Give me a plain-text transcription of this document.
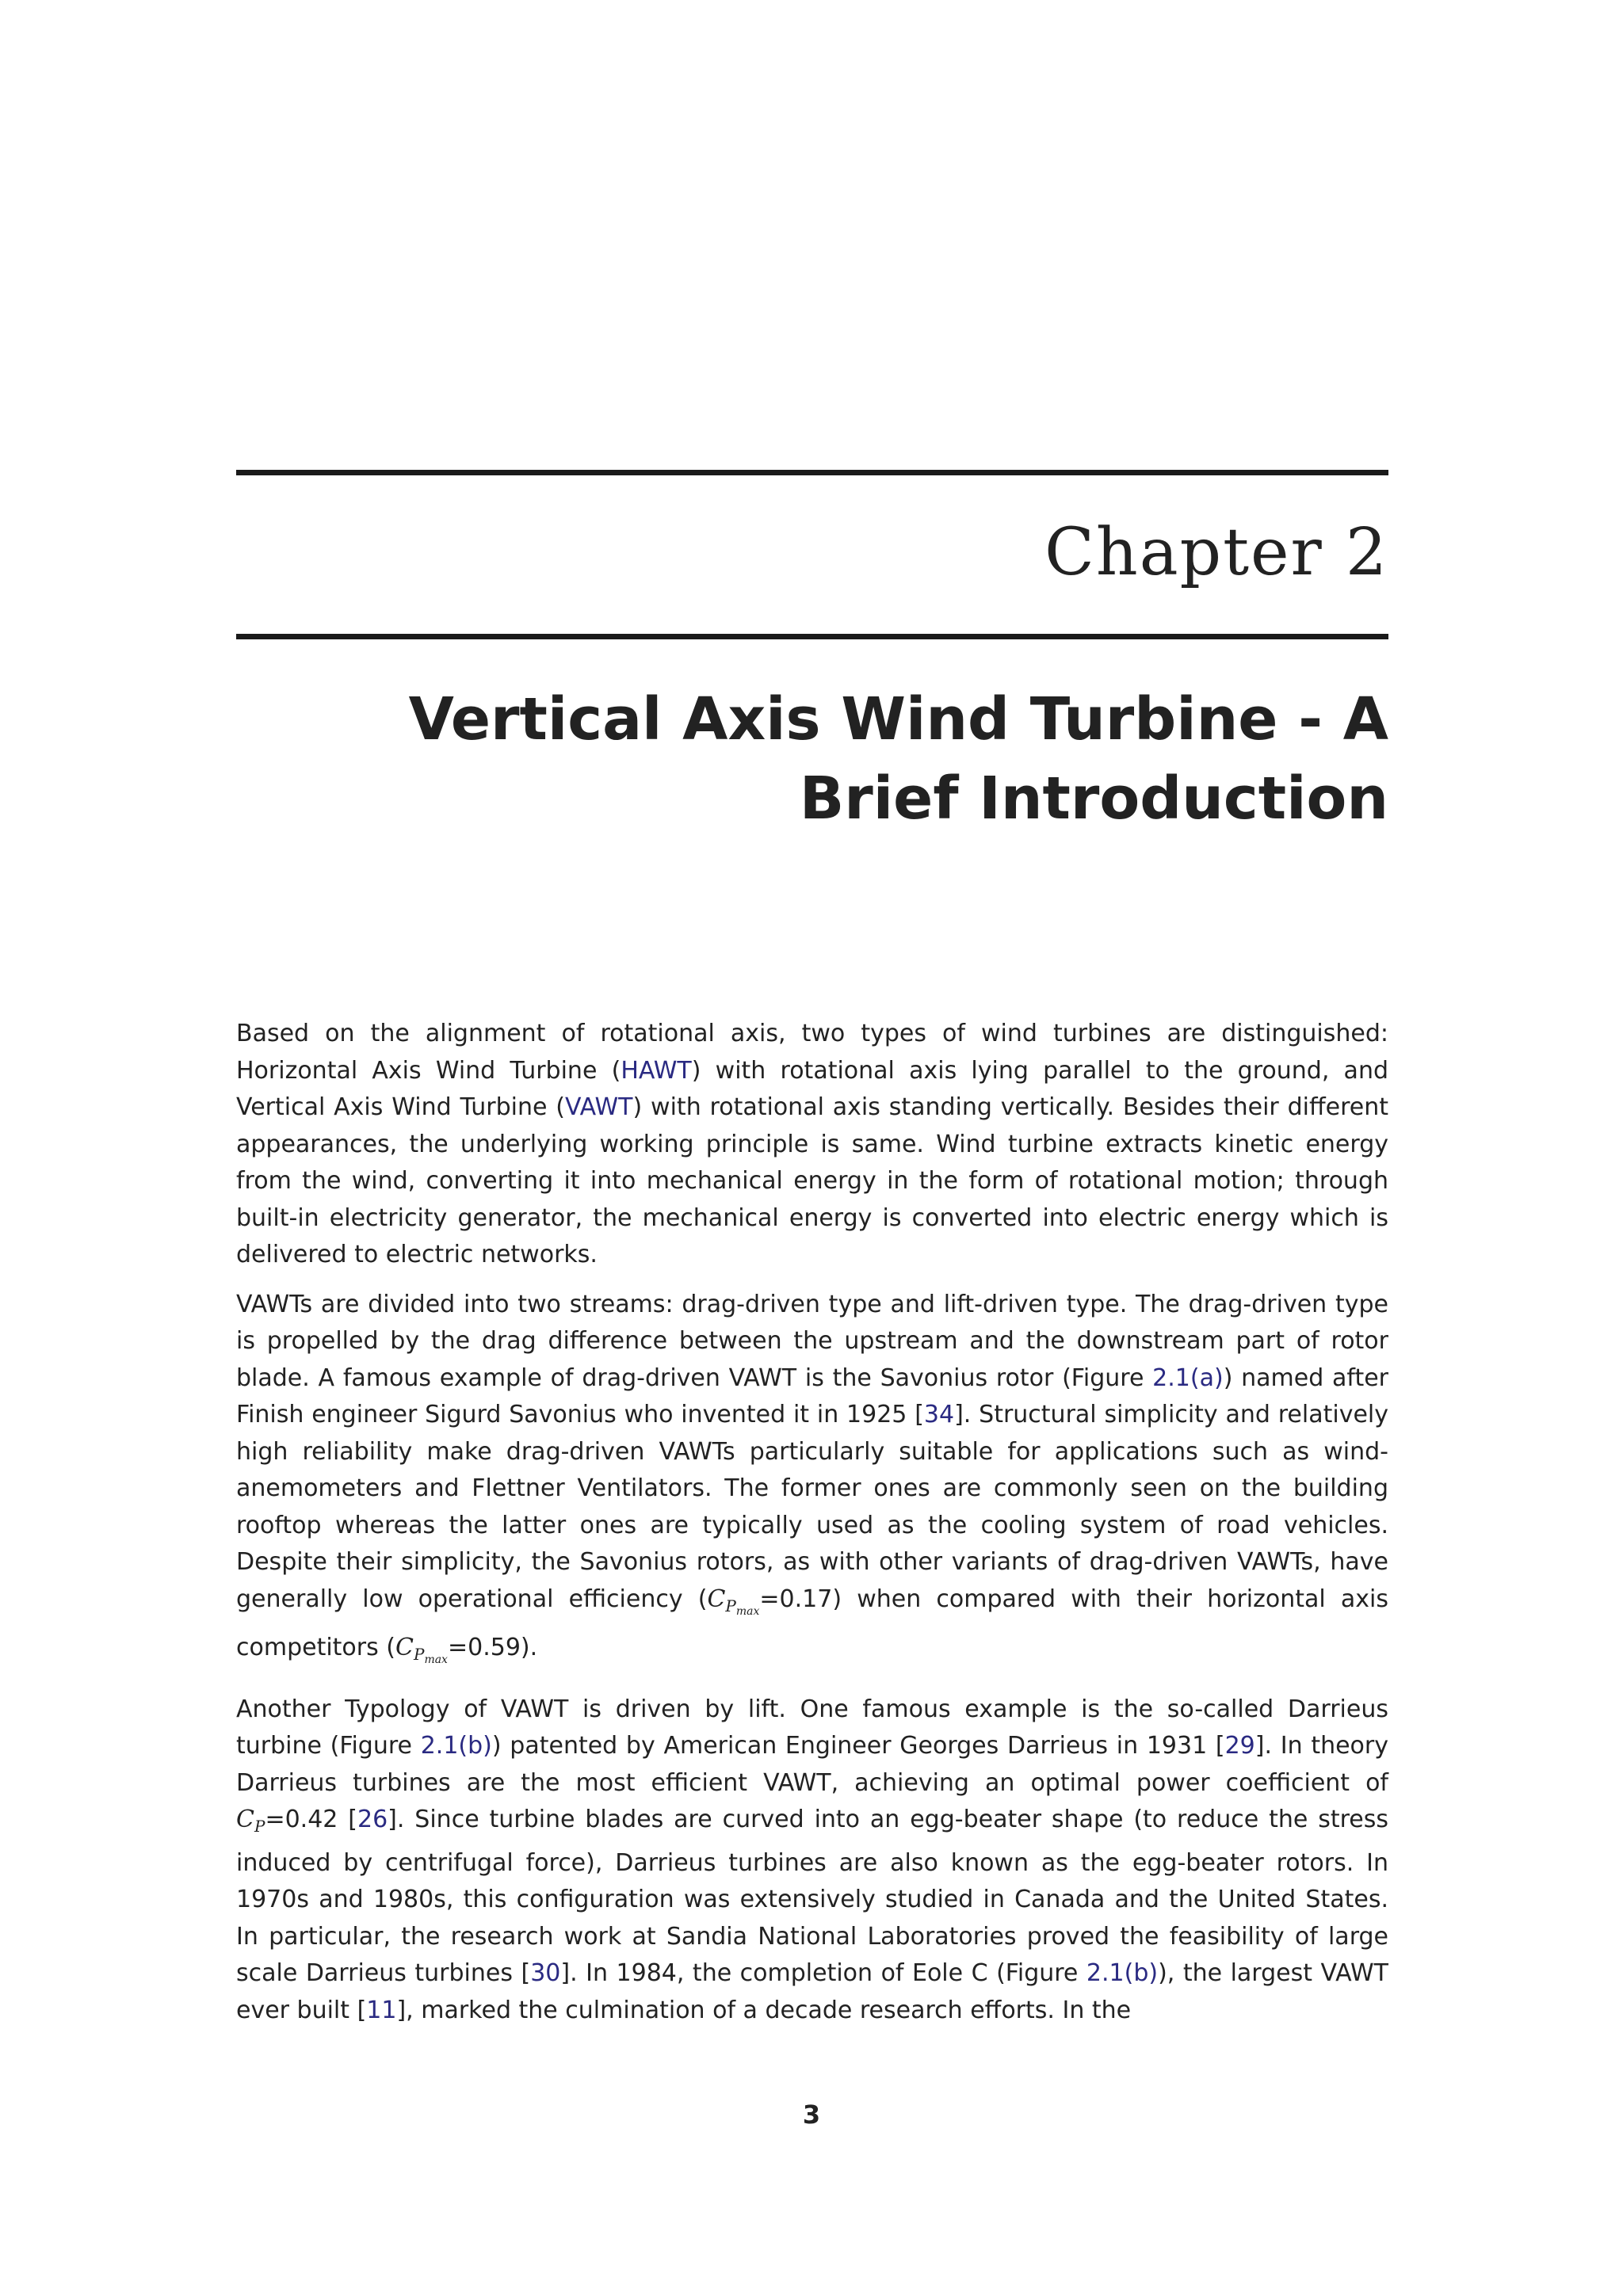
Chapter 2
Vertical Axis Wind Turbine - A Brief Introduction

Based on the alignment of rotational axis, two types of wind turbines are distinguished: Horizontal Axis Wind Turbine (HAWT) with rotational axis lying parallel to the ground, and Vertical Axis Wind Turbine (VAWT) with rotational axis standing vertically. Besides their different appearances, the underlying working principle is same. Wind turbine extracts kinetic energy from the wind, converting it into mechanical energy in the form of rotational motion; through built-in electricity generator, the mechanical energy is converted into electric energy which is delivered to electric networks.

VAWTs are divided into two streams: drag-driven type and lift-driven type. The drag-driven type is propelled by the drag difference between the upstream and the downstream part of rotor blade. A famous example of drag-driven VAWT is the Savonius rotor (Figure 2.1(a)) named after Finish engineer Sigurd Savonius who invented it in 1925 [34]. Structural simplicity and relatively high reliability make drag-driven VAWTs particularly suitable for applications such as wind-anemometers and Flettner Ventilators. The former ones are commonly seen on the building rooftop whereas the latter ones are typically used as the cooling system of road vehicles. Despite their simplicity, the Savonius rotors, as with other variants of drag-driven VAWTs, have generally low operational efficiency $(C_{P_{max}}=0.17)$ when compared with their horizontal axis competitors $(C_{P_{max}}=0.59)$.

Another Typology of VAWT is driven by lift. One famous example is the so-called Darrieus turbine (Figure 2.1(b)) patented by American Engineer Georges Darrieus in 1931 [29]. In theory Darrieus turbines are the most efficient VAWT, achieving an optimal power coefficient of $C_P=0.42$ [26]. Since turbine blades are curved into an egg-beater shape (to reduce the stress induced by centrifugal force), Darrieus turbines are also known as the egg-beater rotors. In 1970s and 1980s, this configuration was extensively studied in Canada and the United States. In particular, the research work at Sandia National Laboratories proved the feasibility of large scale Darrieus turbines [30]. In 1984, the completion of Eole C (Figure 2.1(b)), the largest VAWT ever built [11], marked the culmination of a decade research efforts. In the

3
